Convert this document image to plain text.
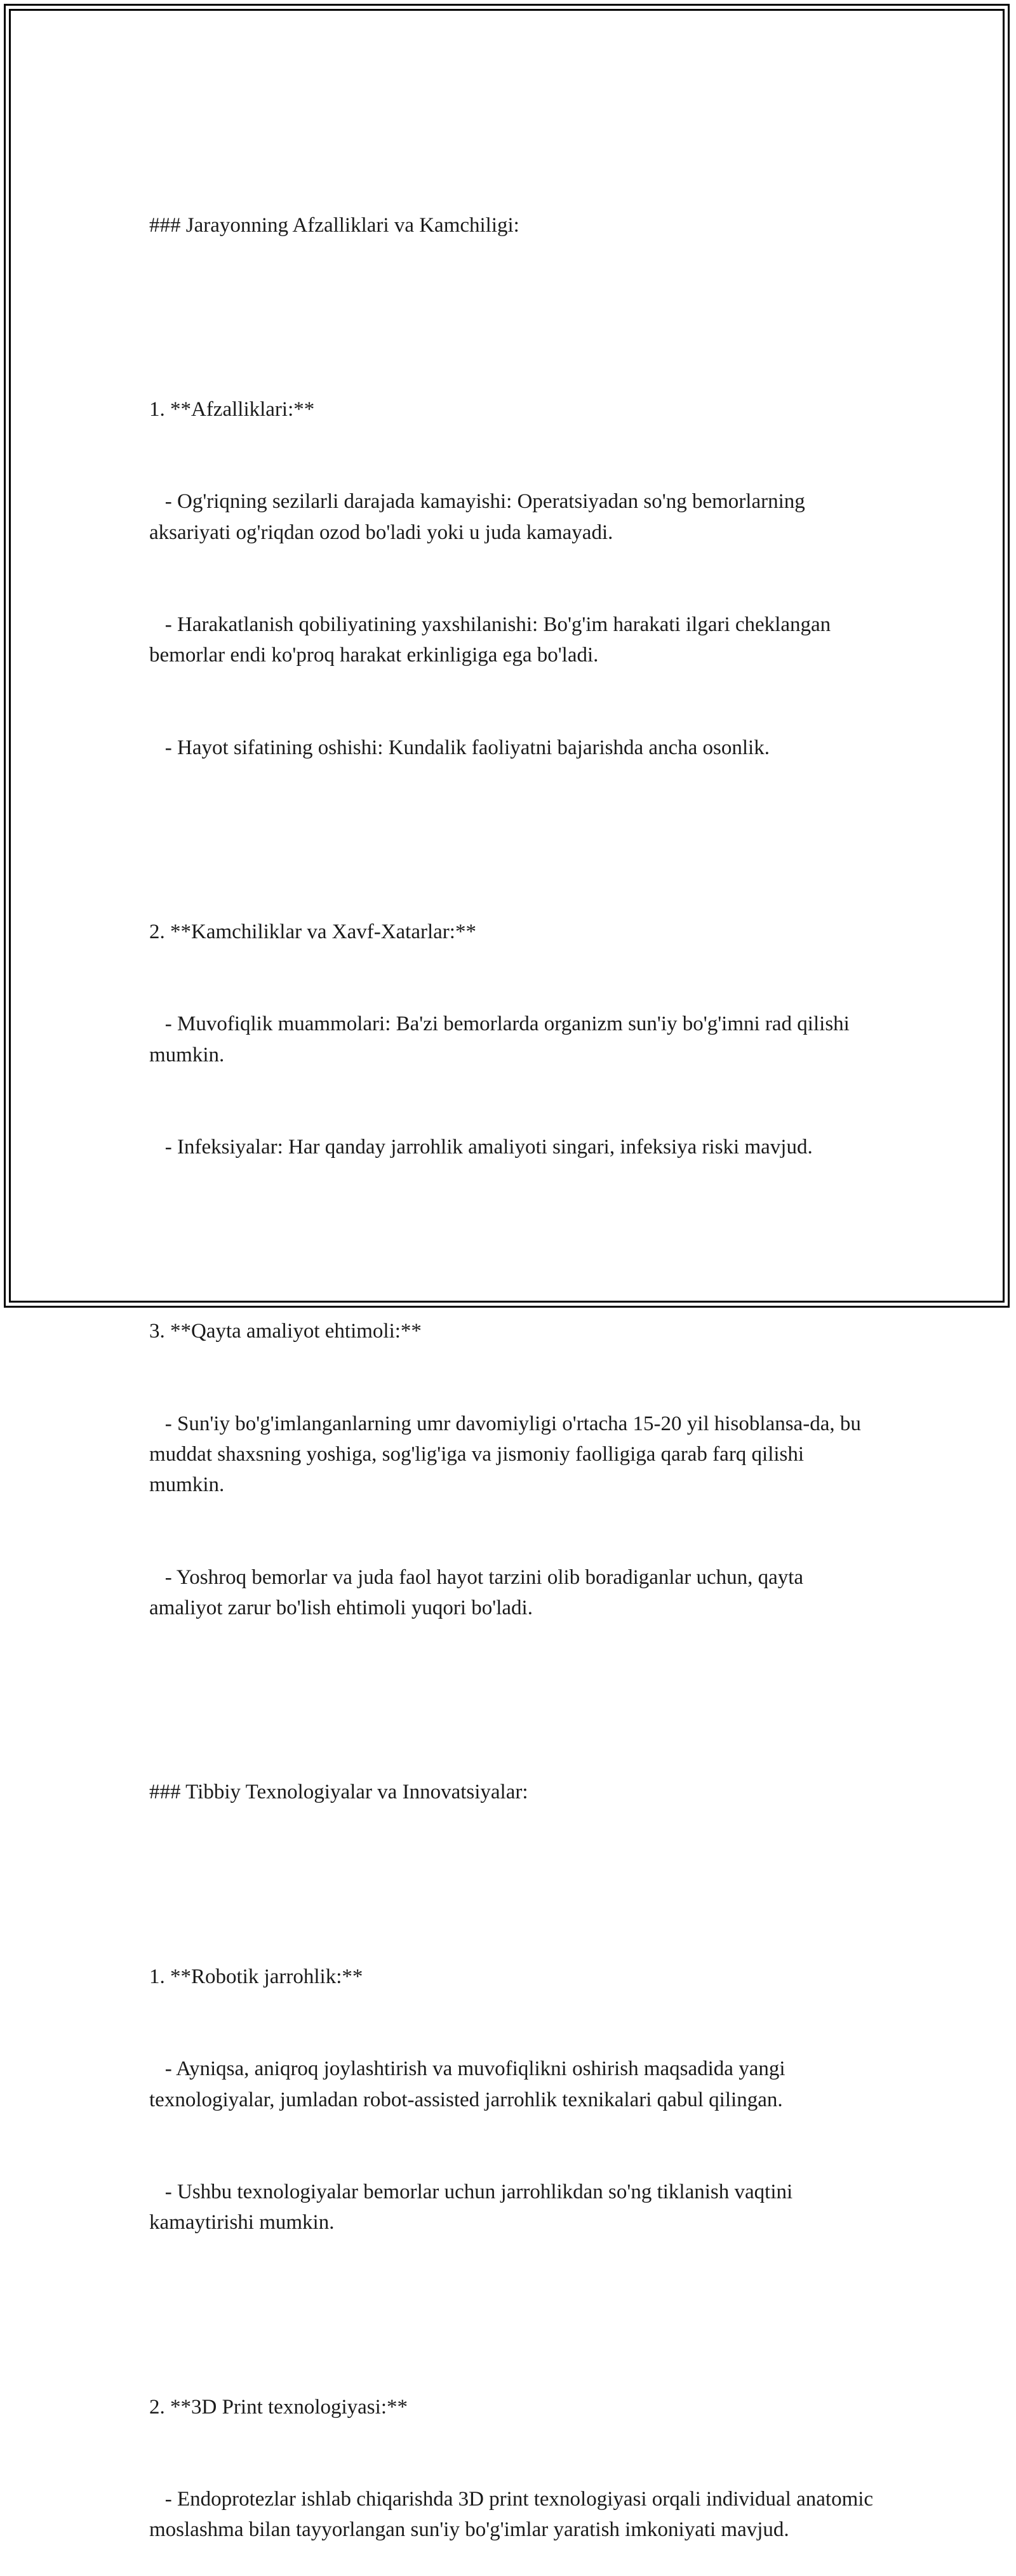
### Jarayonning Afzalliklari va Kamchiligi:

1. **Afzalliklari:**

- Og'riqning sezilarli darajada kamayishi: Operatsiyadan so'ng bemorlarning aksariyati og'riqdan ozod bo'ladi yoki u juda kamayadi.

- Harakatlanish qobiliyatining yaxshilanishi: Bo'g'im harakati ilgari cheklangan bemorlar endi ko'proq harakat erkinligiga ega bo'ladi.

- Hayot sifatining oshishi: Kundalik faoliyatni bajarishda ancha osonlik.

2. **Kamchiliklar va Xavf-Xatarlar:**

- Muvofiqlik muammolari: Ba'zi bemorlarda organizm sun'iy bo'g'imni rad qilishi mumkin.

- Infeksiyalar: Har qanday jarrohlik amaliyoti singari, infeksiya riski mavjud.

3. **Qayta amaliyot ehtimoli:**

- Sun'iy bo'g'imlanganlarning umr davomiyligi o'rtacha 15-20 yil hisoblansa-da, bu muddat shaxsning yoshiga, sog'lig'iga va jismoniy faolligiga qarab farq qilishi mumkin.

- Yoshroq bemorlar va juda faol hayot tarzini olib boradiganlar uchun, qayta amaliyot zarur bo'lish ehtimoli yuqori bo'ladi.

### Tibbiy Texnologiyalar va Innovatsiyalar:

1. **Robotik jarrohlik:**

- Ayniqsa, aniqroq joylashtirish va muvofiqlikni oshirish maqsadida yangi texnologiyalar, jumladan robot-assisted jarrohlik texnikalari qabul qilingan.

- Ushbu texnologiyalar bemorlar uchun jarrohlikdan so'ng tiklanish vaqtini kamaytirishi mumkin.

2. **3D Print texnologiyasi:**

- Endoprotezlar ishlab chiqarishda 3D print texnologiyasi orqali individual anatomic moslashma bilan tayyorlangan sun'iy bo'g'imlar yaratish imkoniyati mavjud.
